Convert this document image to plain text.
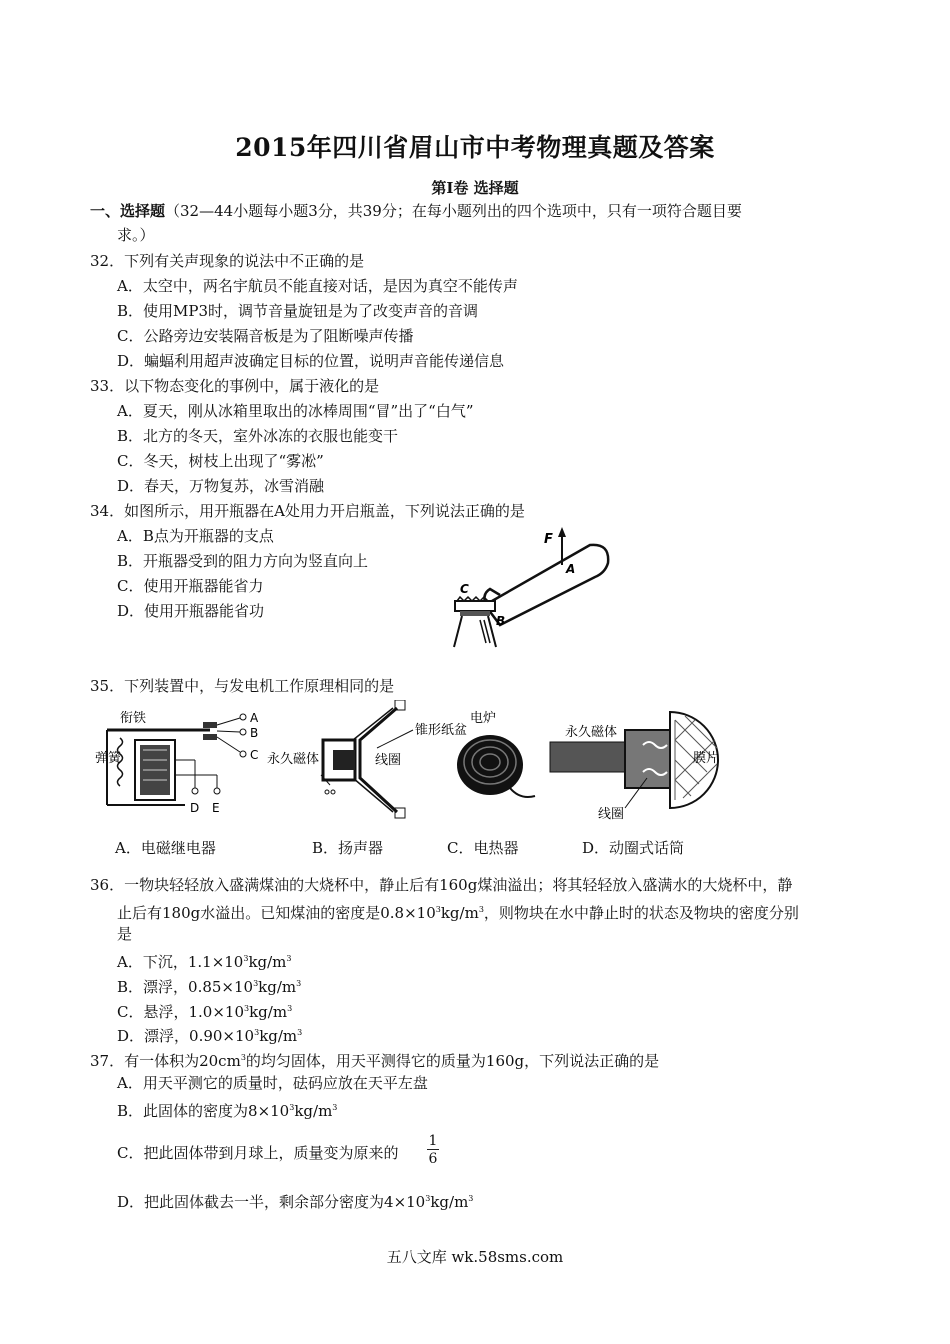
2015年四川省眉山市中考物理真题及答案
第Ⅰ卷 选择题
一、选择题（32—44小题每小题3分，共39分；在每小题列出的四个选项中，只有一项符合题目要
求。）
32．下列有关声现象的说法中不正确的是
A．太空中，两名宇航员不能直接对话，是因为真空不能传声
B．使用MP3时，调节音量旋钮是为了改变声音的音调
C．公路旁边安装隔音板是为了阻断噪声传播
D．蝙蝠利用超声波确定目标的位置，说明声音能传递信息
33．以下物态变化的事例中，属于液化的是
A．夏天，刚从冰箱里取出的冰棒周围“冒”出了“白气”
B．北方的冬天，室外冰冻的衣服也能变干
C．冬天，树枝上出现了“雾凇”
D．春天，万物复苏，冰雪消融
34．如图所示，用开瓶器在A处用力开启瓶盖，下列说法正确的是
A．B点为开瓶器的支点
B．开瓶器受到的阻力方向为竖直向上
C．使用开瓶器能省力
D．使用开瓶器能省功
F
A
C
B
35．下列装置中，与发电机工作原理相同的是
衔铁
弹簧
A
B
C
D E
锥形纸盆
永久磁体	线圈
电炉
永久磁体
膜片
线圈
A．电磁继电器	B．扬声器	C．电热器	D．动圈式话筒
36．一物块轻轻放入盛满煤油的大烧杯中，静止后有160g煤油溢出；将其轻轻放入盛满水的大烧杯中，静
止后有180g水溢出。已知煤油的密度是$0.8\times 10^3kg/m^3$，则物块在水中静止时的状态及物块的密度分别
是
A．下沉，$1.1\times 10^3kg/m^3$
B．漂浮，$0.85\times 10^3kg/m^3$
C．悬浮，$1.0\times 10^3kg/m^3$
D．漂浮，$0.90\times 10^3kg/m^3$
37．有一体积为$20cm^3$的均匀固体，用天平测得它的质量为160g，下列说法正确的是
A．用天平测它的质量时，砝码应放在天平左盘
B．此固体的密度为$8\times 10^3kg/m^3$
C．把此固体带到月球上，质量变为原来的 $\frac{1}{6}$
D．把此固体截去一半，剩余部分密度为$4\times 10^3kg/m^3$
五八文库 wk.58sms.com
